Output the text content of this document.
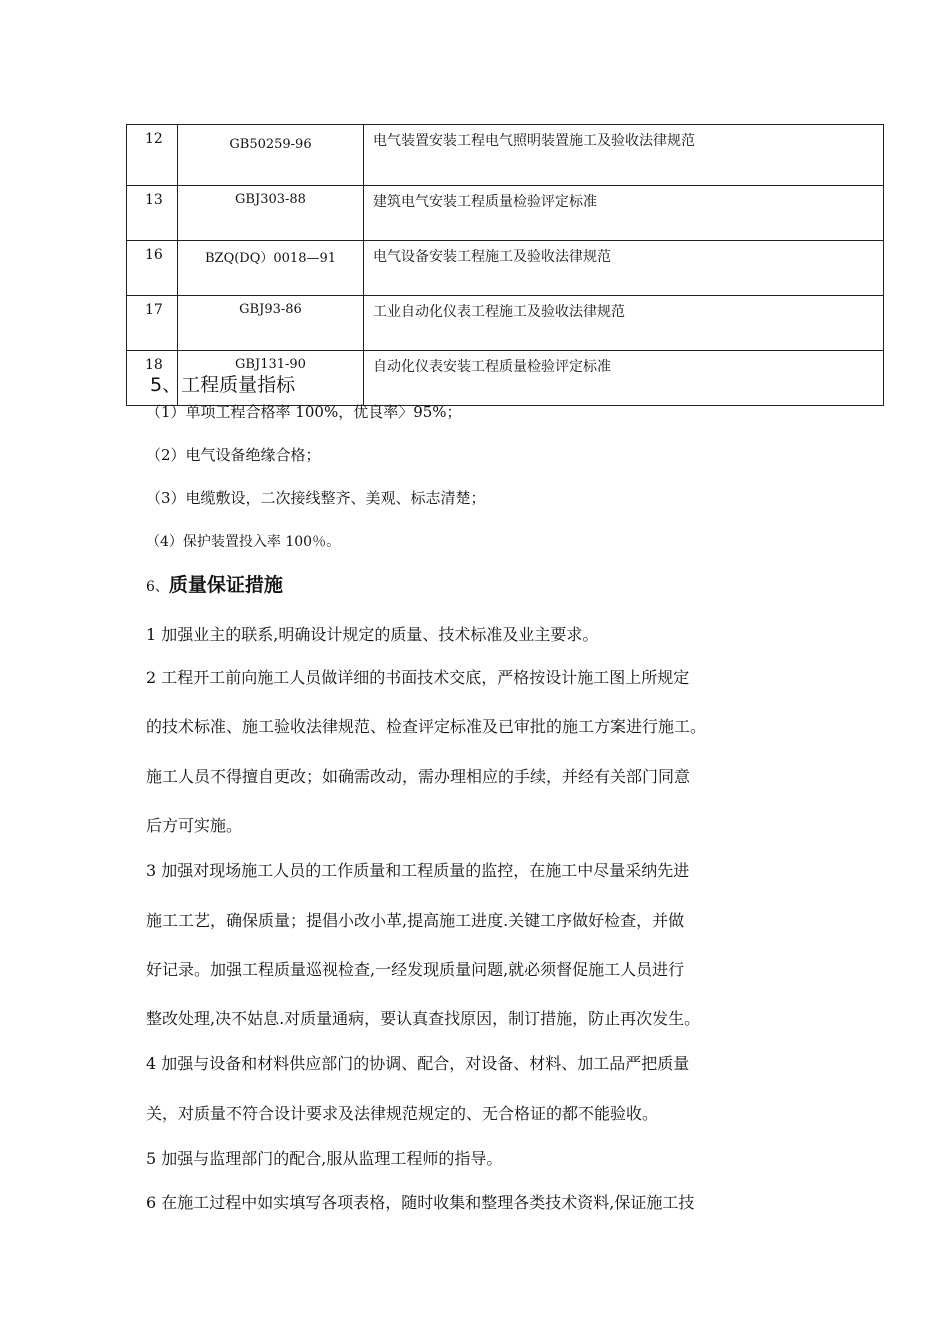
12	GB50259-96	电气装置安装工程电气照明装置施工及验收法律规范
13	GBJ303-88	建筑电气安装工程质量检验评定标准
16	BZQ(DQ）0018—91	电气设备安装工程施工及验收法律规范
17	GBJ93-86	工业自动化仪表工程施工及验收法律规范
18	GBJ131-90	自动化仪表安装工程质量检验评定标准
5、工程质量指标
（1）单项工程合格率 100%，优良率〉95%；
（2）电气设备绝缘合格；
（3）电缆敷设，二次接线整齐、美观、标志清楚；
（4）保护装置投入率 100％。
6、质量保证措施
1 加强业主的联系,明确设计规定的质量、技术标准及业主要求。
2 工程开工前向施工人员做详细的书面技术交底，严格按设计施工图上所规定
的技术标准、施工验收法律规范、检查评定标准及已审批的施工方案进行施工。
施工人员不得擅自更改；如确需改动，需办理相应的手续，并经有关部门同意
后方可实施。
3 加强对现场施工人员的工作质量和工程质量的监控，在施工中尽量采纳先进
施工工艺，确保质量；提倡小改小革,提高施工进度.关键工序做好检查，并做
好记录。加强工程质量巡视检查,一经发现质量问题,就必须督促施工人员进行
整改处理,决不姑息.对质量通病，要认真查找原因，制订措施，防止再次发生。
4 加强与设备和材料供应部门的协调、配合，对设备、材料、加工品严把质量
关，对质量不符合设计要求及法律规范规定的、无合格证的都不能验收。
5 加强与监理部门的配合,服从监理工程师的指导。
6 在施工过程中如实填写各项表格，随时收集和整理各类技术资料,保证施工技
